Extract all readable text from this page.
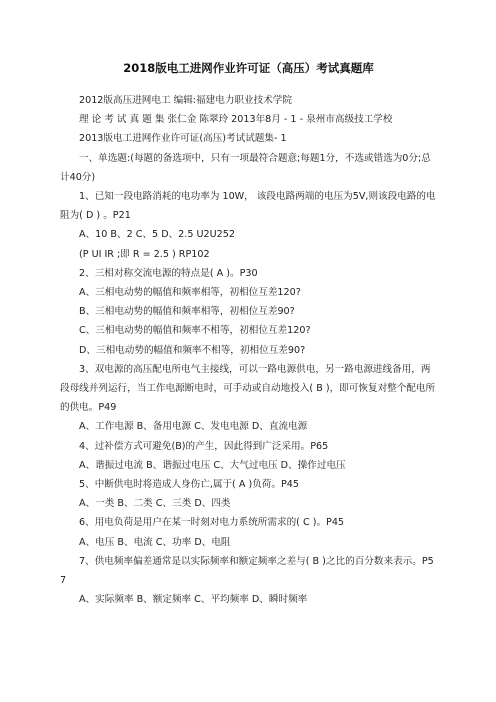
2018版电工进网作业许可证（高压）考试真题库

2012版高压进网电工 编辑:福建电力职业技术学院

理 论 考 试 真 题 集 张仁金 陈翠玲 2013年8月 - 1 - 泉州市高级技工学校

2013版电工进网作业许可证(高压)考试试题集- 1

一、单选题:(每题的备选项中，只有一项最符合题意;每题1分，不选或错选为0分;总计40分)

1、已知一段电路消耗的电功率为 10W， 该段电路两端的电压为5V,则该段电路的电阻为( D ) 。P21

A、10 B、2 C、5 D、2.5 U2U252

(P UI IR ;即 R = 2.5 ) RP102

2、三相对称交流电源的特点是( A )。P30

A、三相电动势的幅值和频率相等，初相位互差120?

B、三相电动势的幅值和频率相等，初相位互差90?

C、三相电动势的幅值和频率不相等，初相位互差120?

D、三相电动势的幅值和频率不相等，初相位互差90?

3、双电源的高压配电所电气主接线，可以一路电源供电，另一路电源进线备用，两段母线并列运行，当工作电源断电时，可手动或自动地投入( B )，即可恢复对整个配电所的供电。P49

A、工作电源 B、备用电源 C、发电电源 D、直流电源

4、过补偿方式可避免(B)的产生，因此得到广泛采用。P65

A、谐振过电流 B、谐振过电压 C、大气过电压 D、操作过电压

5、中断供电时将造成人身伤亡,属于( A )负荷。P45

A、一类 B、二类 C、三类 D、四类

6、用电负荷是用户在某一时刻对电力系统所需求的( C )。P45

A、电压 B、电流 C、功率 D、电阻

7、供电频率偏差通常是以实际频率和额定频率之差与( B )之比的百分数来表示。P57

A、实际频率 B、额定频率 C、平均频率 D、瞬时频率
